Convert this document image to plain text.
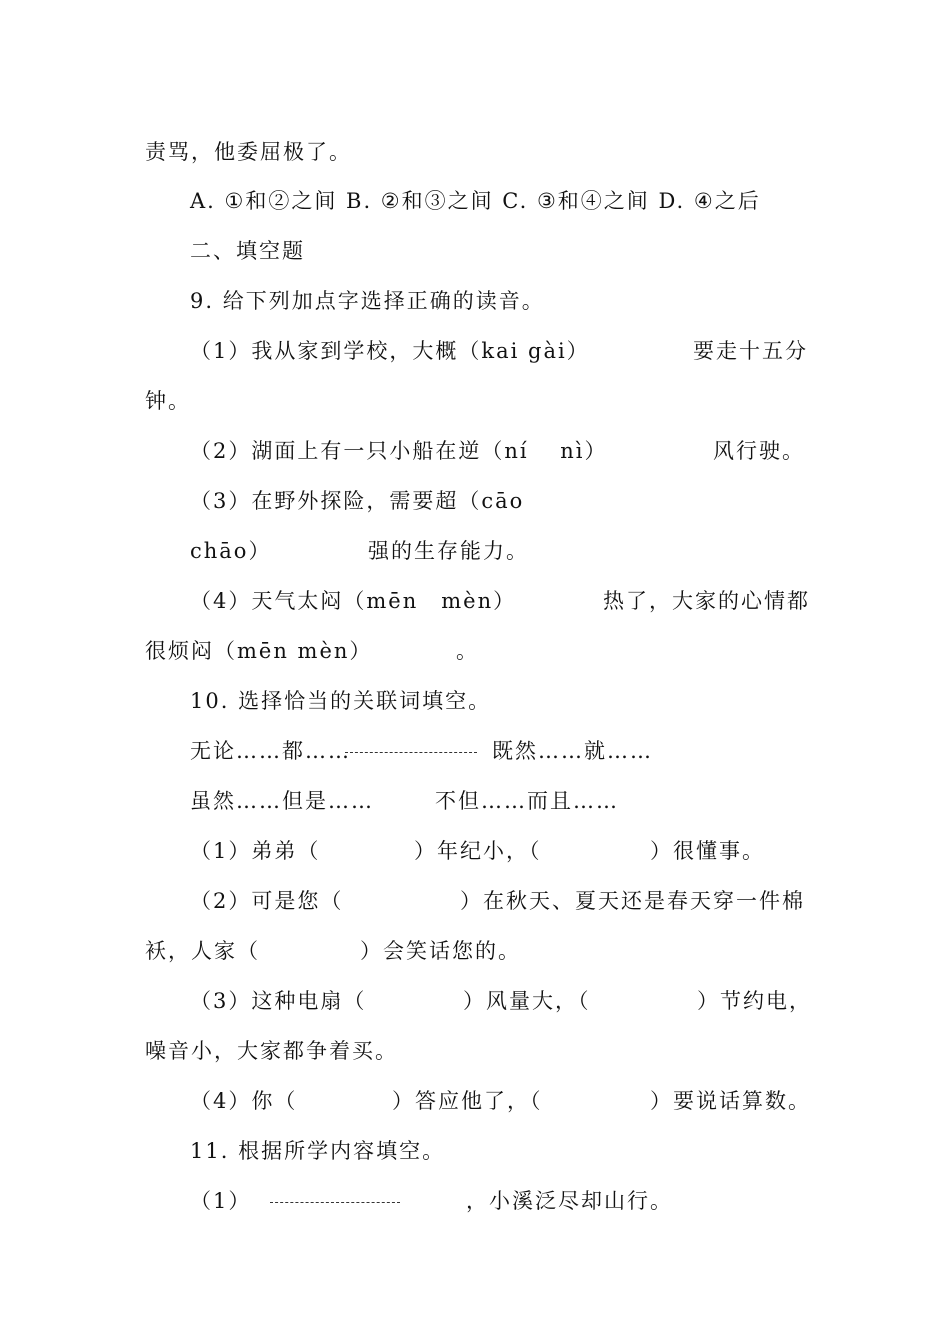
责骂，他委屈极了。
A. ①和②之间 B. ②和③之间 C. ③和④之间 D. ④之后
二、填空题
9. 给下列加点字选择正确的读音。
（1）我从家到学校，大概（kai gài）	要走十五分
钟。
（2）湖面上有一只小船在逆（ní　 nì）	风行驶。
（3）在野外探险，需要超（cāo
chāo）	强的生存能力。
（4）天气太闷（mēn　mèn）	热了，大家的心情都
很烦闷（mēn mèn）	。
10. 选择恰当的关联词填空。
无论……都……	既然……就……
虽然……但是……	不但……而且……
（1）弟弟（	）年纪小，（	）很懂事。
（2）可是您（	）在秋天、夏天还是春天穿一件棉
袄，人家（	）会笑话您的。
（3）这种电扇（	）风量大，（	）节约电，
噪音小，大家都争着买。
（4）你（	）答应他了，（	）要说话算数。
11. 根据所学内容填空。
（1）	，小溪泛尽却山行。
